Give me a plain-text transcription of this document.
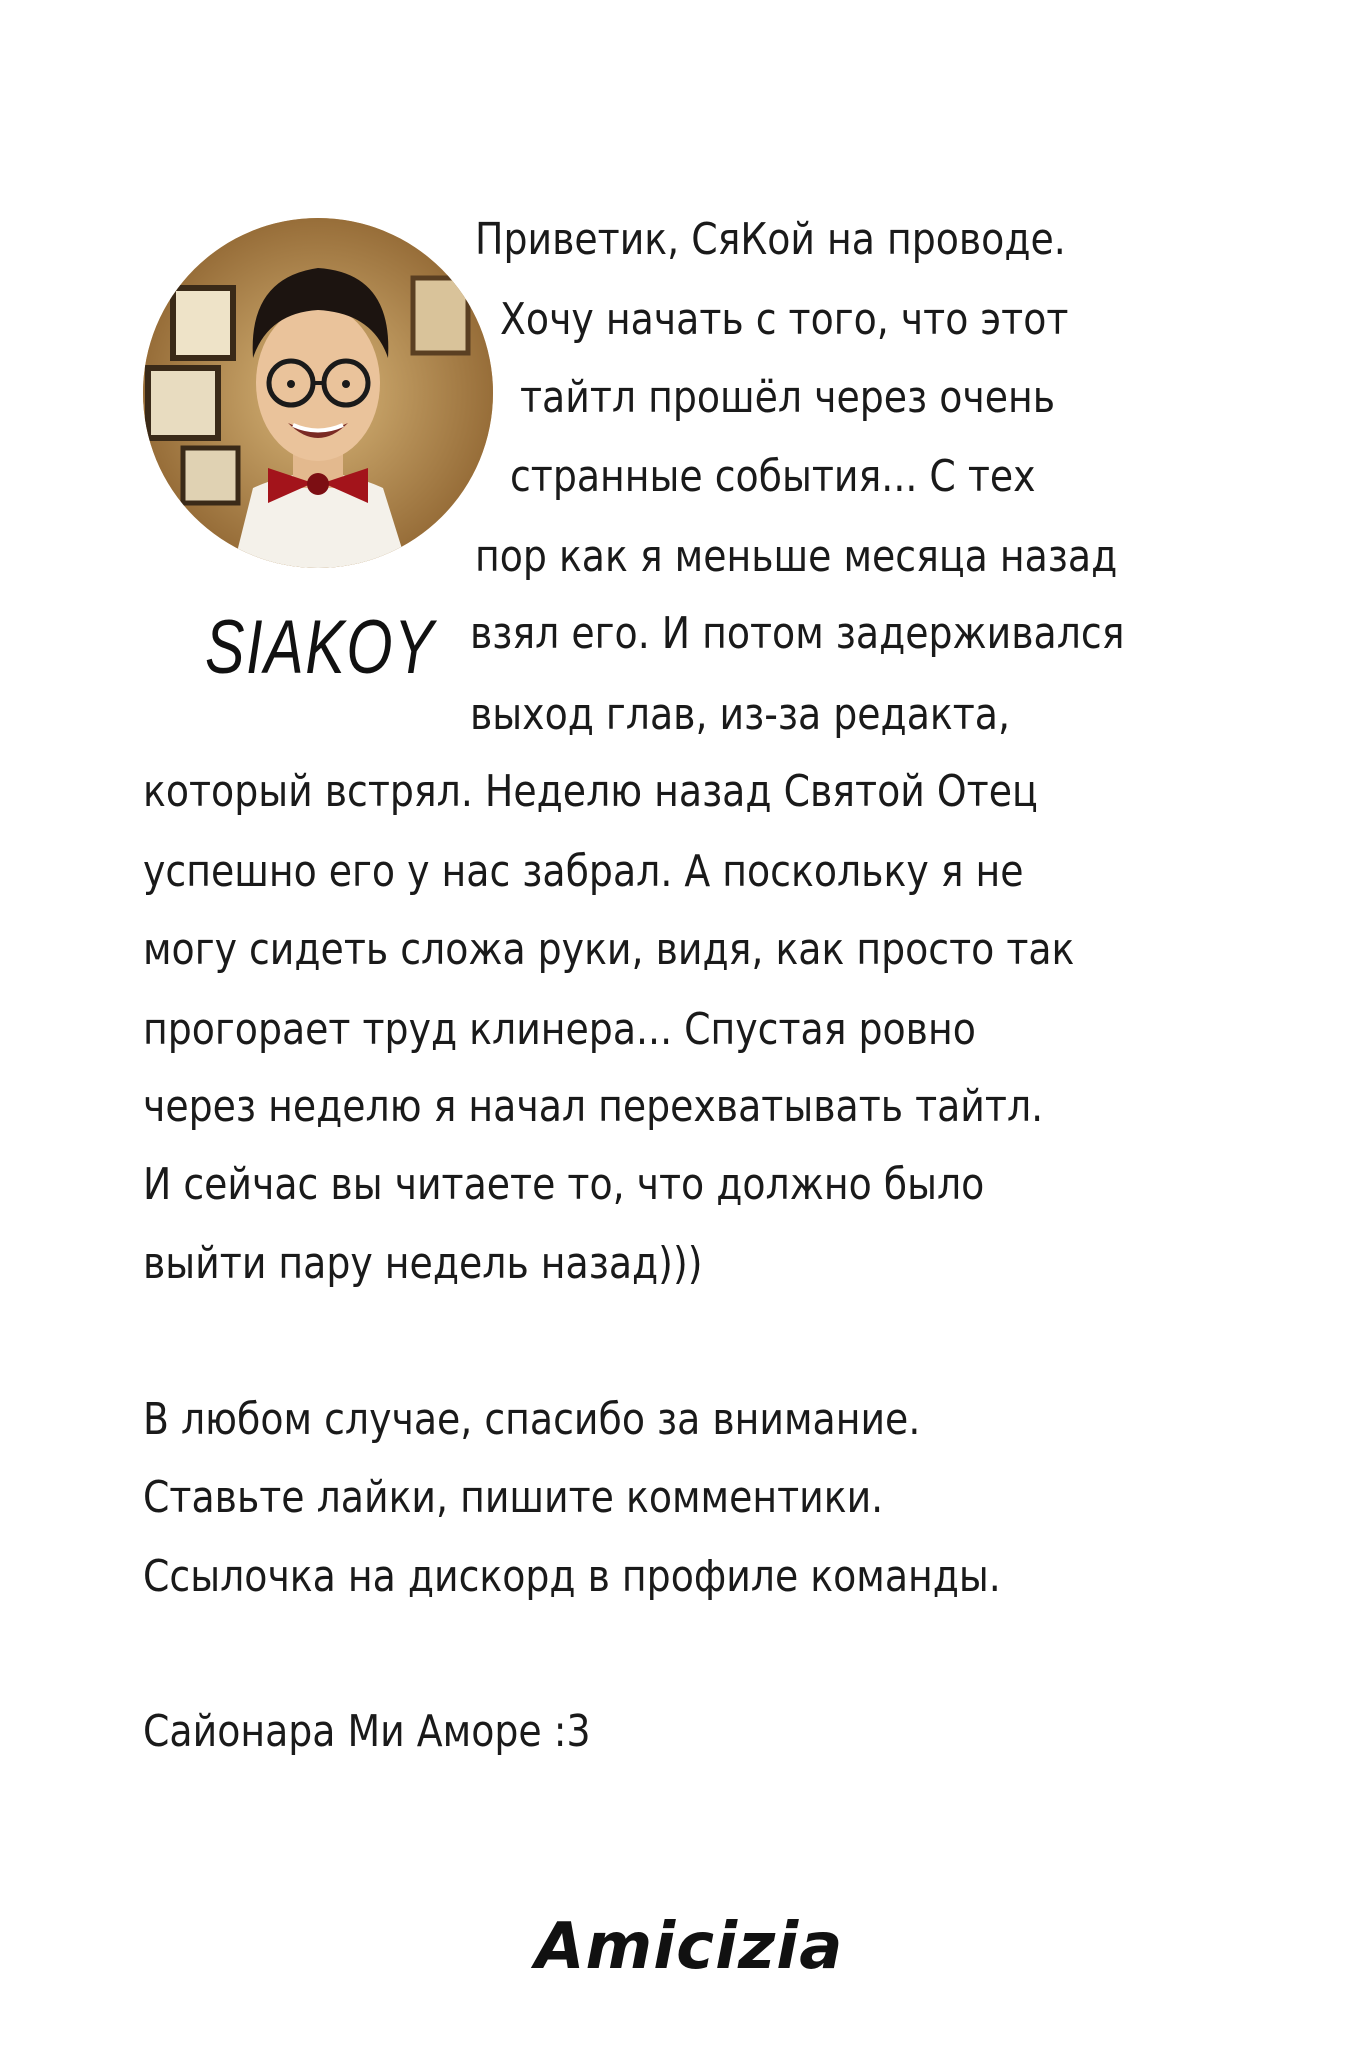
SIAKOY
Приветик, СяКой на проводе.
Хочу начать с того, что этот
тайтл прошёл через очень
странные события... С тех
пор как я меньше месяца назад
взял его. И потом задерживался
выход глав, из-за редакта,
который встрял. Неделю назад Святой Отец
успешно его у нас забрал. А поскольку я не
могу сидеть сложа руки, видя, как просто так
прогорает труд клинера... Спустая ровно
через неделю я начал перехватывать тайтл.
И сейчас вы читаете то, что должно было
выйти пару недель назад)))
В любом случае, спасибо за внимание.
Ставьте лайки, пишите комментики.
Ссылочка на дискорд в профиле команды.
Сайонара Ми Аморе :3
Amicizia
